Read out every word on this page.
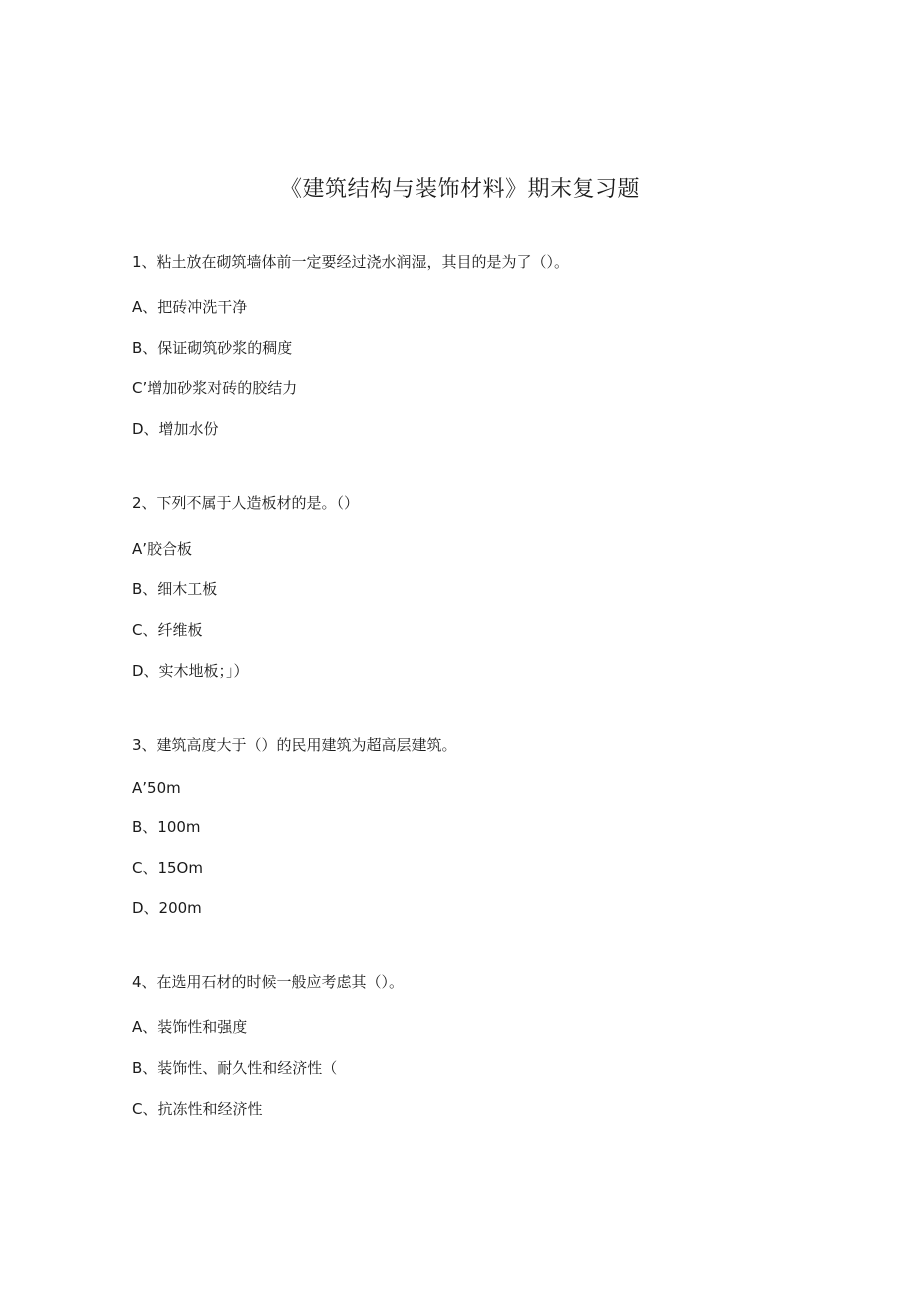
《建筑结构与装饰材料》期末复习题
1、粘土放在砌筑墙体前一定要经过浇水润湿，其目的是为了（）。
A、把砖冲洗干净
B、保证砌筑砂浆的稠度
C’增加砂浆对砖的胶结力
D、增加水份
2、下列不属于人造板材的是。（）
A’胶合板
B、细木工板
C、纤维板
D、实木地板；」）
3、建筑高度大于（）的民用建筑为超高层建筑。
A’50m
B、100m
C、15Om
D、200m
4、在选用石材的时候一般应考虑其（）。
A、装饰性和强度
B、装饰性、耐久性和经济性（
C、抗冻性和经济性
